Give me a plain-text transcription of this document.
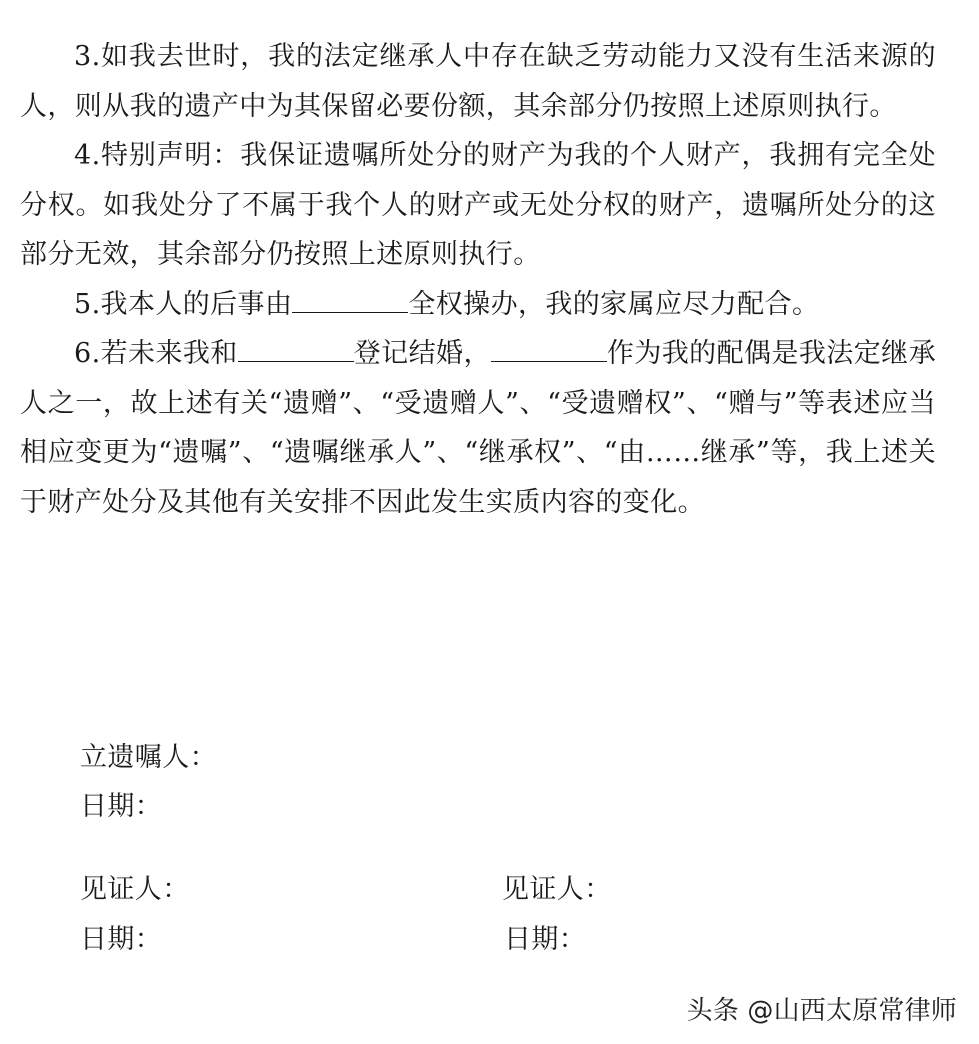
3.如我去世时，我的法定继承人中存在缺乏劳动能力又没有生活来源的人，则从我的遗产中为其保留必要份额，其余部分仍按照上述原则执行。

4.特别声明：我保证遗嘱所处分的财产为我的个人财产，我拥有完全处分权。如我处分了不属于我个人的财产或无处分权的财产，遗嘱所处分的这部分无效，其余部分仍按照上述原则执行。

5.我本人的后事由	全权操办，我的家属应尽力配合。

6.若未来我和	登记结婚，	作为我的配偶是我法定继承人之一，故上述有关“遗赠”、“受遗赠人”、“受遗赠权”、“赠与”等表述应当相应变更为“遗嘱”、“遗嘱继承人”、“继承权”、“由……继承”等，我上述关于财产处分及其他有关安排不因此发生实质内容的变化。

立遗嘱人：
日期：
见证人：
日期：
见证人：
日期：
头条 @山西太原常律师
